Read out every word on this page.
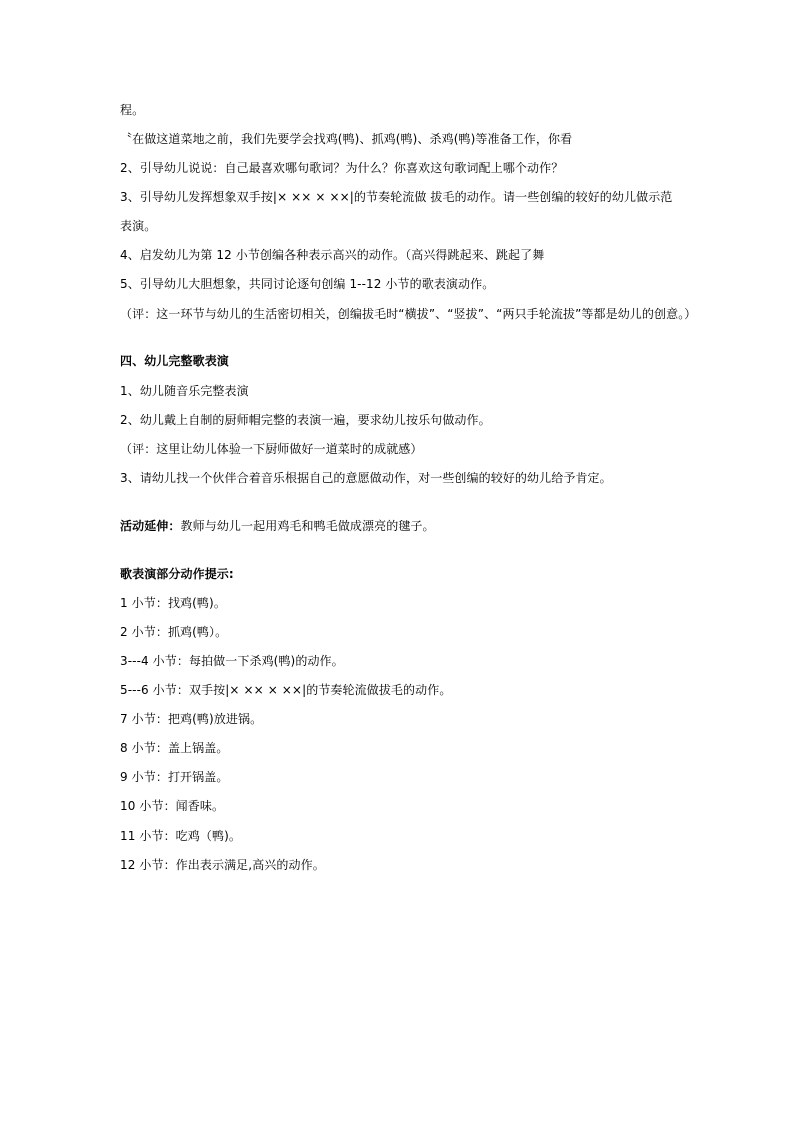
程。
〝在做这道菜地之前，我们先要学会找鸡(鸭)、抓鸡(鸭)、杀鸡(鸭)等准备工作，你看
2、引导幼儿说说：自己最喜欢哪句歌词？为什么？你喜欢这句歌词配上哪个动作？
3、引导幼儿发挥想象双手按|× ×× × ××|的节奏轮流做 拔毛的动作。请一些创编的较好的幼儿做示范
表演。
4、启发幼儿为第 12 小节创编各种表示高兴的动作。（高兴得跳起来、跳起了舞
5、引导幼儿大胆想象，共同讨论逐句创编 1--12 小节的歌表演动作。
（评：这一环节与幼儿的生活密切相关，创编拔毛时“横拔”、“竖拔”、“两只手轮流拔”等都是幼儿的创意。）
四、幼儿完整歌表演
1、幼儿随音乐完整表演
2、幼儿戴上自制的厨师帽完整的表演一遍，要求幼儿按乐句做动作。
（评：这里让幼儿体验一下厨师做好一道菜时的成就感）
3、请幼儿找一个伙伴合着音乐根据自己的意愿做动作，对一些创编的较好的幼儿给予肯定。
活动延伸：教师与幼儿一起用鸡毛和鸭毛做成漂亮的毽子。
歌表演部分动作提示:
1 小节：找鸡(鸭)。
2 小节：抓鸡(鸭）。
3---4 小节：每拍做一下杀鸡(鸭)的动作。
5---6 小节：双手按|× ×× × ××|的节奏轮流做拔毛的动作。
7 小节：把鸡(鸭)放进锅。
8 小节：盖上锅盖。
9 小节：打开锅盖。
10 小节：闻香味。
11 小节：吃鸡（鸭)。
12 小节：作出表示满足,高兴的动作。
